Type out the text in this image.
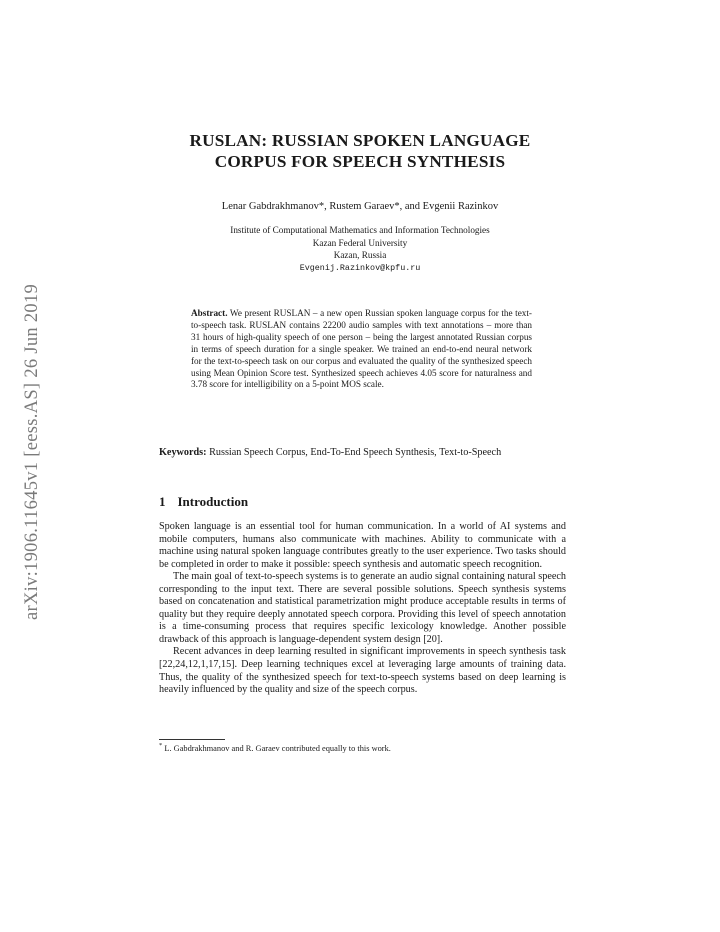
arXiv:1906.11645v1 [eess.AS] 26 Jun 2019
RUSLAN: RUSSIAN SPOKEN LANGUAGE
CORPUS FOR SPEECH SYNTHESIS
Lenar Gabdrakhmanov*, Rustem Garaev*, and Evgenii Razinkov
Institute of Computational Mathematics and Information Technologies
Kazan Federal University
Kazan, Russia
Evgenij.Razinkov@kpfu.ru
Abstract. We present RUSLAN – a new open Russian spoken language corpus for the text-to-speech task. RUSLAN contains 22200 audio samples with text annotations – more than 31 hours of high-quality speech of one person – being the largest annotated Russian corpus in terms of speech duration for a single speaker. We trained an end-to-end neural network for the text-to-speech task on our corpus and evaluated the quality of the synthesized speech using Mean Opinion Score test. Synthesized speech achieves 4.05 score for naturalness and 3.78 score for intelligibility on a 5-point MOS scale.
Keywords: Russian Speech Corpus, End-To-End Speech Synthesis, Text-to-Speech
1 Introduction

Spoken language is an essential tool for human communication. In a world of AI systems and mobile computers, humans also communicate with machines. Ability to communicate with a machine using natural spoken language contributes greatly to the user experience. Two tasks should be completed in order to make it possible: speech synthesis and automatic speech recognition.

The main goal of text-to-speech systems is to generate an audio signal containing natural speech corresponding to the input text. There are several possible solutions. Speech synthesis systems based on concatenation and statistical parametrization might produce acceptable results in terms of quality but they require deeply annotated speech corpora. Providing this level of speech annotation is a time-consuming process that requires specific lexicology knowledge. Another possible drawback of this approach is language-dependent system design [20].

Recent advances in deep learning resulted in significant improvements in speech synthesis task [22,24,12,1,17,15]. Deep learning techniques excel at leveraging large amounts of training data. Thus, the quality of the synthesized speech for text-to-speech systems based on deep learning is heavily influenced by the quality and size of the speech corpus.

* L. Gabdrakhmanov and R. Garaev contributed equally to this work.
